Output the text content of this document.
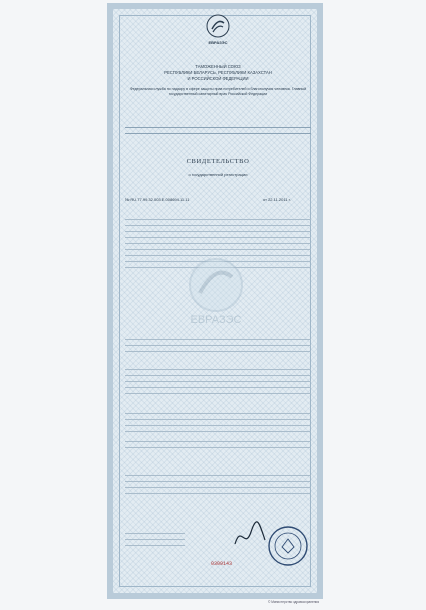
ЕВРАЗЭС
ТАМОЖЕННЫЙ СОЮЗ
РЕСПУБЛИКИ БЕЛАРУСЬ, РЕСПУБЛИКИ КАЗАХСТАН
И РОССИЙСКОЙ ФЕДЕРАЦИИ
Федеральная служба по надзору в сфере защиты прав потребителей и благополучия человека. Главный государственный санитарный врач Российской Федерации
СВИДЕТЕЛЬСТВО
о государственной регистрации
№ RU.77.99.32.003.E.008694.11.11	от 22.11.2011 г.
ЕВРАЗЭС
0309143
© Министерство здравоохранения
